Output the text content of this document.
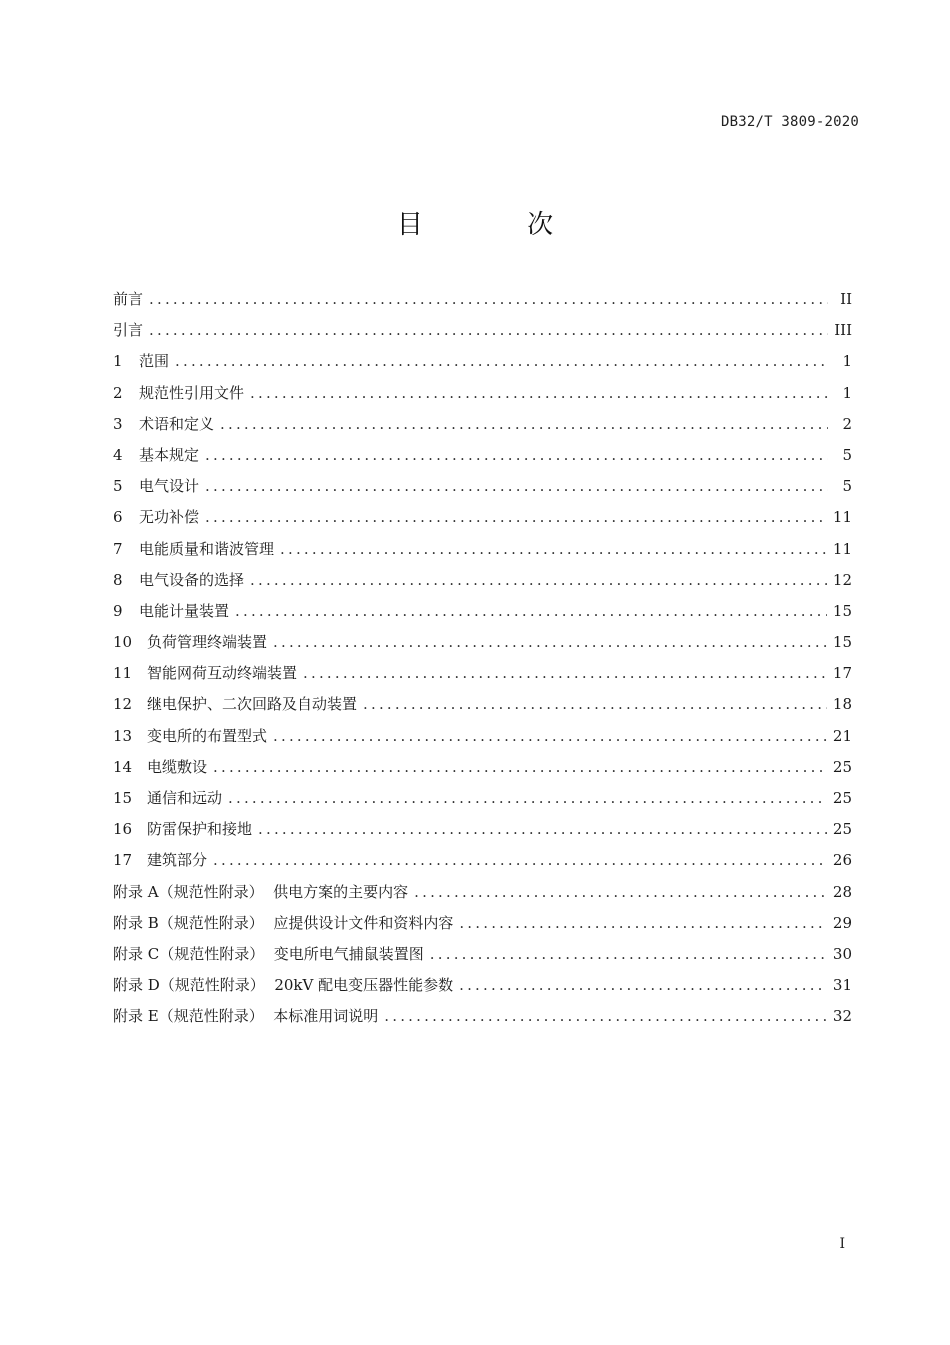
DB32/T 3809-2020
目 次
前言 .....	II
引言 .....	III
1	范围 .....	1
2	规范性引用文件 .....	1
3	术语和定义 .....	2
4	基本规定 .....	5
5	电气设计 .....	5
6	无功补偿 .....	11
7	电能质量和谐波管理 .....	11
8	电气设备的选择 .....	12
9	电能计量装置 .....	15
10 负荷管理终端装置 .....	15
11 智能网荷互动终端装置 .....	17
12 继电保护、二次回路及自动装置 .....	18
13 变电所的布置型式 .....	21
14 电缆敷设 .....	25
15 通信和远动 .....	25
16 防雷保护和接地 .....	25
17 建筑部分 .....	26
附录 A（规范性附录）  供电方案的主要内容 .....	28
附录 B（规范性附录）  应提供设计文件和资料内容 .....	29
附录 C（规范性附录）  变电所电气捕鼠装置图 .....	30
附录 D（规范性附录）  20kV 配电变压器性能参数 .....	31
附录 E（规范性附录）  本标准用词说明 .....	32
I
